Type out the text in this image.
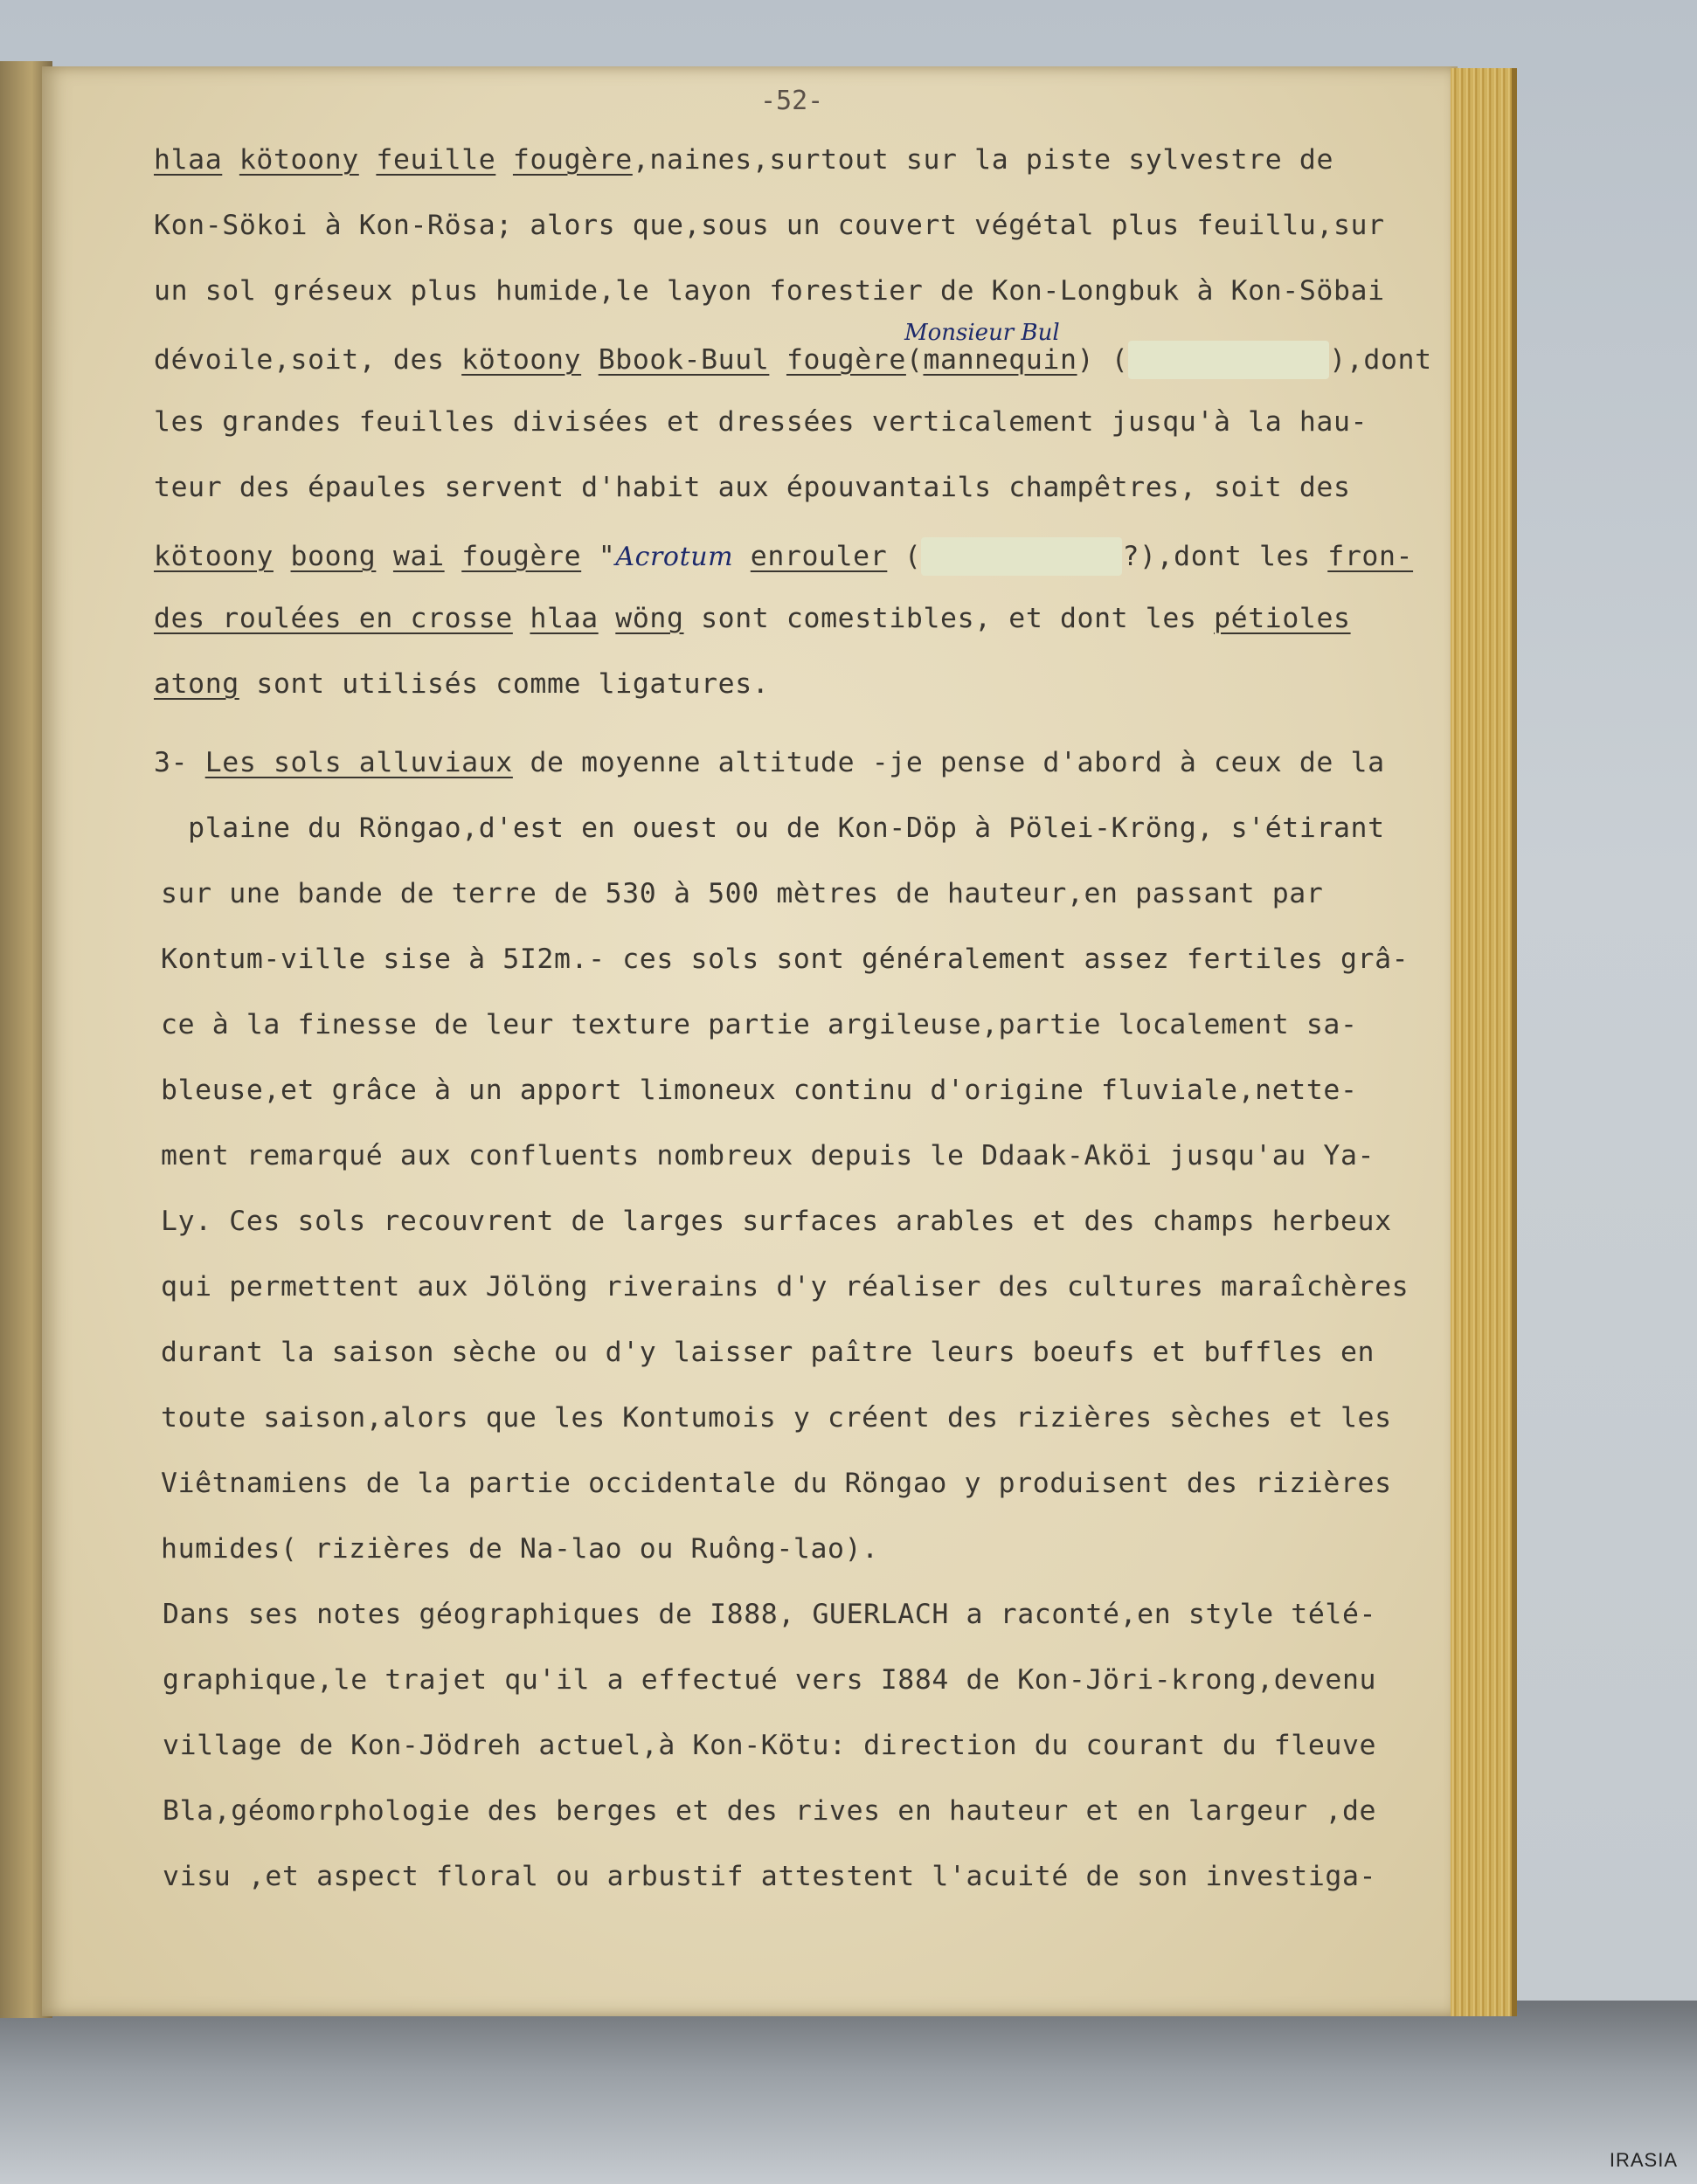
-52-
Monsieur Bul
hlaa kötoony feuille fougère,naines,surtout sur la piste sylvestre de
Kon-Sökoi à Kon-Rösa; alors que,sous un couvert végétal plus feuillu,sur
un sol gréseux plus humide,le layon forestier de Kon-Longbuk à Kon-Söbai
dévoile,soit, des kötoony Bbook-Buul fougère(mannequin) (	),dont
les grandes feuilles divisées et dressées verticalement jusqu'à la hau-
teur des épaules servent d'habit aux épouvantails champêtres, soit des
kötoony boong wai fougère "Acrotum enrouler (	?),dont les fron-
des roulées en crosse hlaa wöng sont comestibles, et dont les pétioles
atong sont utilisés comme ligatures.
3- Les sols alluviaux de moyenne altitude -je pense d'abord à ceux de la
plaine du Röngao,d'est en ouest ou de Kon-Döp à Pölei-Kröng, s'étirant
sur une bande de terre de 530 à 500 mètres de hauteur,en passant par
Kontum-ville sise à 5I2m.- ces sols sont généralement assez fertiles grâ-
ce à la finesse de leur texture partie argileuse,partie localement sa-
bleuse,et grâce à un apport limoneux continu d'origine fluviale,nette-
ment remarqué aux confluents nombreux depuis le Ddaak-Aköi jusqu'au Ya-
Ly. Ces sols recouvrent de larges surfaces arables et des champs herbeux
qui permettent aux Jölöng riverains d'y réaliser des cultures maraîchères
durant la saison sèche ou d'y laisser paître leurs boeufs et buffles en
toute saison,alors que les Kontumois y créent des rizières sèches et les
Viêtnamiens de la partie occidentale du Röngao y produisent des rizières
humides( rizières de Na-lao ou Ruông-lao).
Dans ses notes géographiques de I888, GUERLACH a raconté,en style télé-
graphique,le trajet qu'il a effectué vers I884 de Kon-Jöri-krong,devenu
village de Kon-Jödreh actuel,à Kon-Kötu: direction du courant du fleuve
Bla,géomorphologie des berges et des rives en hauteur et en largeur ,de
visu ,et aspect floral ou arbustif attestent l'acuité de son investiga-
IRASIA
